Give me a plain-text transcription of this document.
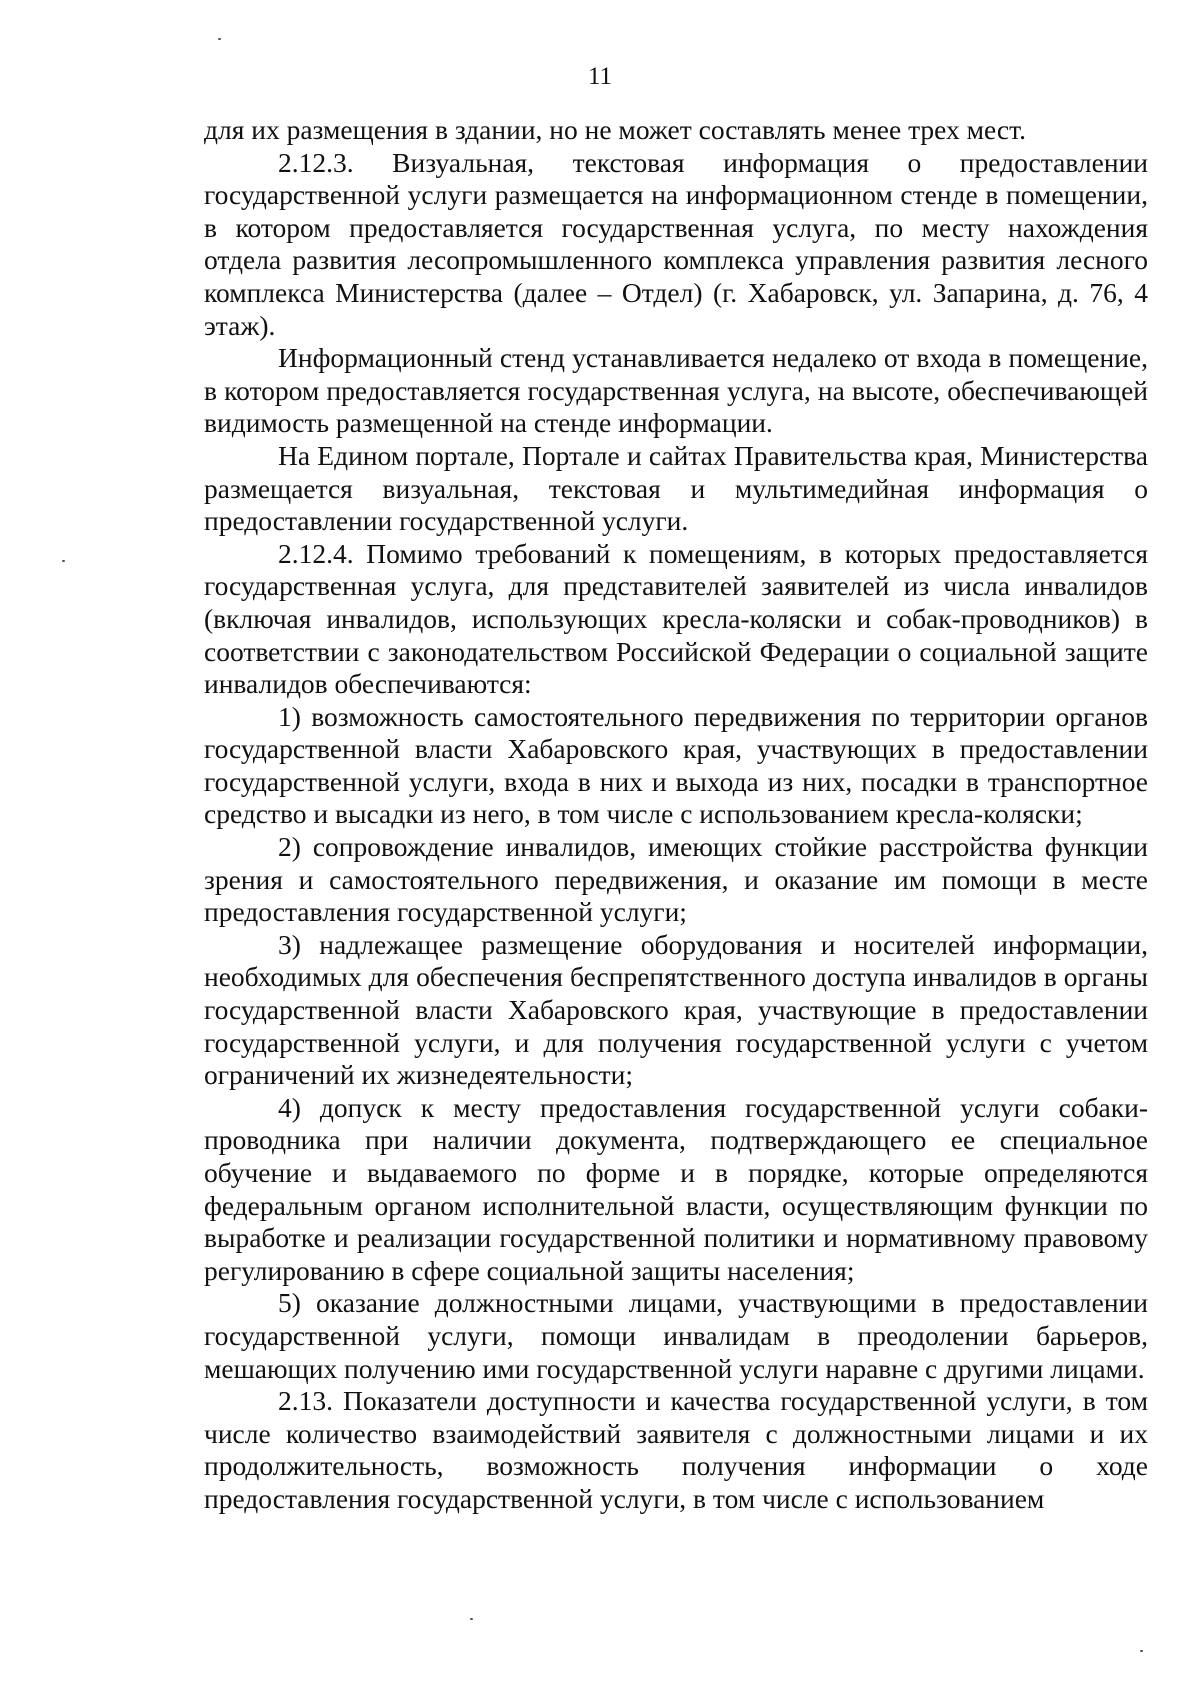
11

для их размещения в здании, но не может составлять менее трех мест.

2.12.3. Визуальная, текстовая информация о предоставлении государственной услуги размещается на информационном стенде в помещении, в котором предоставляется государственная услуга, по месту нахождения отдела развития лесопромышленного комплекса управления развития лесного комплекса Министерства (далее – Отдел) (г. Хабаровск, ул. Запарина, д. 76, 4 этаж).

Информационный стенд устанавливается недалеко от входа в помещение, в котором предоставляется государственная услуга, на высоте, обеспечивающей видимость размещенной на стенде информации.

На Едином портале, Портале и сайтах Правительства края, Министерства размещается визуальная, текстовая и мультимедийная информация о предоставлении государственной услуги.

2.12.4. Помимо требований к помещениям, в которых предоставляется государственная услуга, для представителей заявителей из числа инвалидов (включая инвалидов, использующих кресла-коляски и собак-проводников) в соответствии с законодательством Российской Федерации о социальной защите инвалидов обеспечиваются:

1) возможность самостоятельного передвижения по территории органов государственной власти Хабаровского края, участвующих в предоставлении государственной услуги, входа в них и выхода из них, посадки в транспортное средство и высадки из него, в том числе с использованием кресла-коляски;

2) сопровождение инвалидов, имеющих стойкие расстройства функции зрения и самостоятельного передвижения, и оказание им помощи в месте предоставления государственной услуги;

3) надлежащее размещение оборудования и носителей информации, необходимых для обеспечения беспрепятственного доступа инвалидов в органы государственной власти Хабаровского края, участвующие в предоставлении государственной услуги, и для получения государственной услуги с учетом ограничений их жизнедеятельности;

4) допуск к месту предоставления государственной услуги собаки-проводника при наличии документа, подтверждающего ее специальное обучение и выдаваемого по форме и в порядке, которые определяются федеральным органом исполнительной власти, осуществляющим функции по выработке и реализации государственной политики и нормативному правовому регулированию в сфере социальной защиты населения;

5) оказание должностными лицами, участвующими в предоставлении государственной услуги, помощи инвалидам в преодолении барьеров, мешающих получению ими государственной услуги наравне с другими лицами.

2.13. Показатели доступности и качества государственной услуги, в том числе количество взаимодействий заявителя с должностными лицами и их продолжительность, возможность получения информации о ходе предоставления государственной услуги, в том числе с использованием
